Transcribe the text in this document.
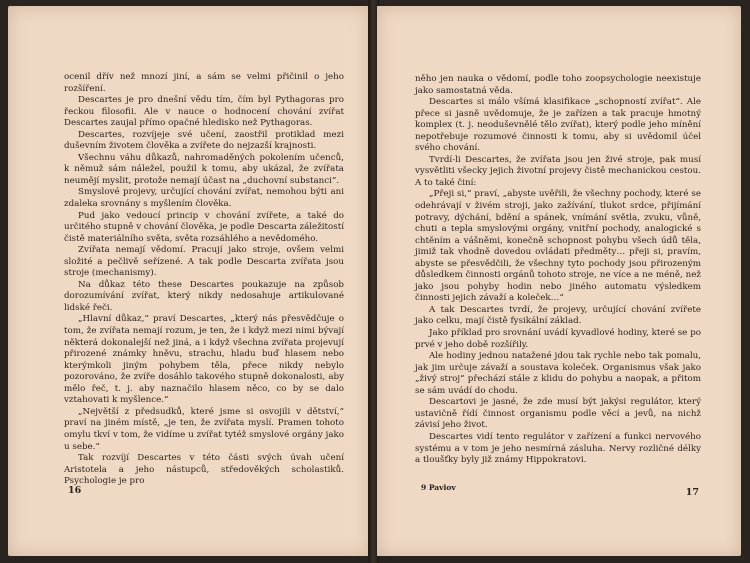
ocenil dřív než mnozí jiní, a sám se velmi přičinil o jeho rozšíření.

Descartes je pro dnešní vědu tím, čím byl Pythagoras pro řeckou filosofii. Ale v nauce o hodnocení chování zvířat Descartes zaujal přímo opačné hledisko než Pythagoras.

Descartes, rozvíjeje své učení, zaostřil protiklad mezi duševním životem člověka a zvířete do nejzazší krajnosti.

Všechnu váhu důkazů, nahromaděných pokolením učenců, k němuž sám náležel, použil k tomu, aby ukázal, že zvířata neumějí myslit, protože nemají účast na „duchovní substanci“.

Smyslové projevy, určující chování zvířat, nemohou býti ani zdaleka srovnány s myšlením člověka.

Pud jako vedoucí princip v chování zvířete, a také do určitého stupně v chování člověka, je podle Descarta záležitostí čistě materiálního světa, světa rozsáhlého a nevědomého.

Zvířata nemají vědomí. Pracují jako stroje, ovšem velmi složité a pečlivě seřízené. A tak podle Descarta zvířata jsou stroje (mechanismy).

Na důkaz této these Descartes poukazuje na způsob dorozumívání zvířat, který nikdy nedosahuje artikulované lidské řeči.

„Hlavní důkaz,“ praví Descartes, „který nás přesvědčuje o tom, že zvířata nemají rozum, je ten, že i když mezi nimi bývají některá dokonalejší než jiná, a i když všechna zvířata projevují přirozené známky hněvu, strachu, hladu buď hlasem nebo kterýmkoli jiným pohybem těla, přece nikdy nebylo pozorováno, že zvíře dosáhlo takového stupně dokonalosti, aby mělo řeč, t. j. aby naznačilo hlasem něco, co by se dalo vztahovati k myšlence.“

„Největší z předsudků, které jsme si osvojili v dětství,“ praví na jiném místě, „je ten, že zvířata myslí. Pramen tohoto omylu tkví v tom, že vidíme u zvířat tytéž smyslové orgány jako u sebe.“

Tak rozvíjí Descartes v této části svých úvah učení Aristotela a jeho nástupců, středověkých scholastiků. Psychologie je pro

16

něho jen nauka o vědomí, podle toho zoopsychologie neexistuje jako samostatná věda.

Descartes si málo všímá klasifikace „schopností zvířat“. Ale přece si jasně uvědomuje, že je zařízen a tak pracuje hmotný komplex (t. j. neoduševnělé tělo zvířat), který podle jeho mínění nepotřebuje rozumové činnosti k tomu, aby si uvědomil účel svého chování.

Tvrdí-li Descartes, že zvířata jsou jen živé stroje, pak musí vysvětliti všecky jejich životní projevy čistě mechanickou cestou. A to také činí:

„Přeji si,“ praví, „abyste uvěřili, že všechny pochody, které se odehrávají v živém stroji, jako zažívání, tlukot srdce, přijímání potravy, dýchání, bdění a spánek, vnímání světla, zvuku, vůně, chuti a tepla smyslovými orgány, vnitřní pochody, analogické s chtěním a vášněmi, konečně schopnost pohybu všech údů těla, jimiž tak vhodně dovedou ovládati předměty… přeji si, pravím, abyste se přesvědčili, že všechny tyto pochody jsou přirozeným důsledkem činnosti orgánů tohoto stroje, ne více a ne méně, než jako jsou pohyby hodin nebo jiného automatu výsledkem činnosti jejich závaží a koleček…“

A tak Descartes tvrdí, že projevy, určující chování zvířete jako celku, mají čistě fysikální základ.

Jako příklad pro srovnání uvádí kyvadlové hodiny, které se po prvé v jeho době rozšířily.

Ale hodiny jednou natažené jdou tak rychle nebo tak pomalu, jak jim určuje závaží a soustava koleček. Organismus však jako „živý stroj“ přechází stále z klidu do pohybu a naopak, a přitom se sám uvádí do chodu.

Descartovi je jasné, že zde musí být jakýsi regulátor, který ustavičně řídí činnost organismu podle věcí a jevů, na nichž závisí jeho život.

Descartes vidí tento regulátor v zařízení a funkci nervového systému a v tom je jeho nesmírná zásluha. Nervy rozličné délky a tloušťky byly již známy Hippokratovi.

9 Pavlov	17
